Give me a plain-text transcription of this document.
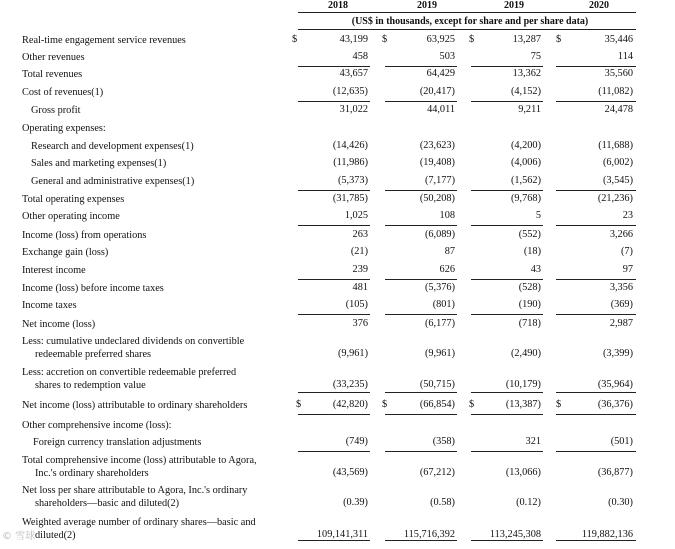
2018	2019	2019	2020
(US$ in thousands, except for share and per share data)
Real-time engagement service revenues	43,199	63,925	13,287	35,446
$	$	$	$
Other revenues	458	503	75	114
Total revenues	43,657	64,429	13,362	35,560
Cost of revenues(1)	(12,635)	(20,417)	(4,152)	(11,082)
Gross profit	31,022	44,011	9,211	24,478
Operating expenses:
Research and development expenses(1)	(14,426)	(23,623)	(4,200)	(11,688)
Sales and marketing expenses(1)	(11,986)	(19,408)	(4,006)	(6,002)
General and administrative expenses(1)	(5,373)	(7,177)	(1,562)	(3,545)
Total operating expenses	(31,785)	(50,208)	(9,768)	(21,236)
Other operating income	1,025	108	5	23
Income (loss) from operations	263	(6,089)	(552)	3,266
Exchange gain (loss)	(21)	87	(18)	(7)
Interest income	239	626	43	97
Income (loss) before income taxes	481	(5,376)	(528)	3,356
Income taxes	(105)	(801)	(190)	(369)
Net income (loss)	376	(6,177)	(718)	2,987
Less: cumulative undeclared dividends on convertible
redeemable preferred shares	(9,961)	(9,961)	(2,490)	(3,399)
Less: accretion on convertible redeemable preferred
shares to redemption value	(33,235)	(50,715)	(10,179)	(35,964)
Net income (loss) attributable to ordinary shareholders	(42,820)	(66,854)	(13,387)	(36,376)
$	$	$	$
Other comprehensive income (loss):
Foreign currency translation adjustments	(749)	(358)	321	(501)
Total comprehensive income (loss) attributable to Agora,
Inc.'s ordinary shareholders	(43,569)	(67,212)	(13,066)	(36,877)
Net loss per share attributable to Agora, Inc.'s ordinary
shareholders—basic and diluted(2)	(0.39)	(0.58)	(0.12)	(0.30)
Weighted average number of ordinary shares—basic and
diluted(2)	109,141,311	115,716,392	113,245,308	119,882,136
© 雪球
